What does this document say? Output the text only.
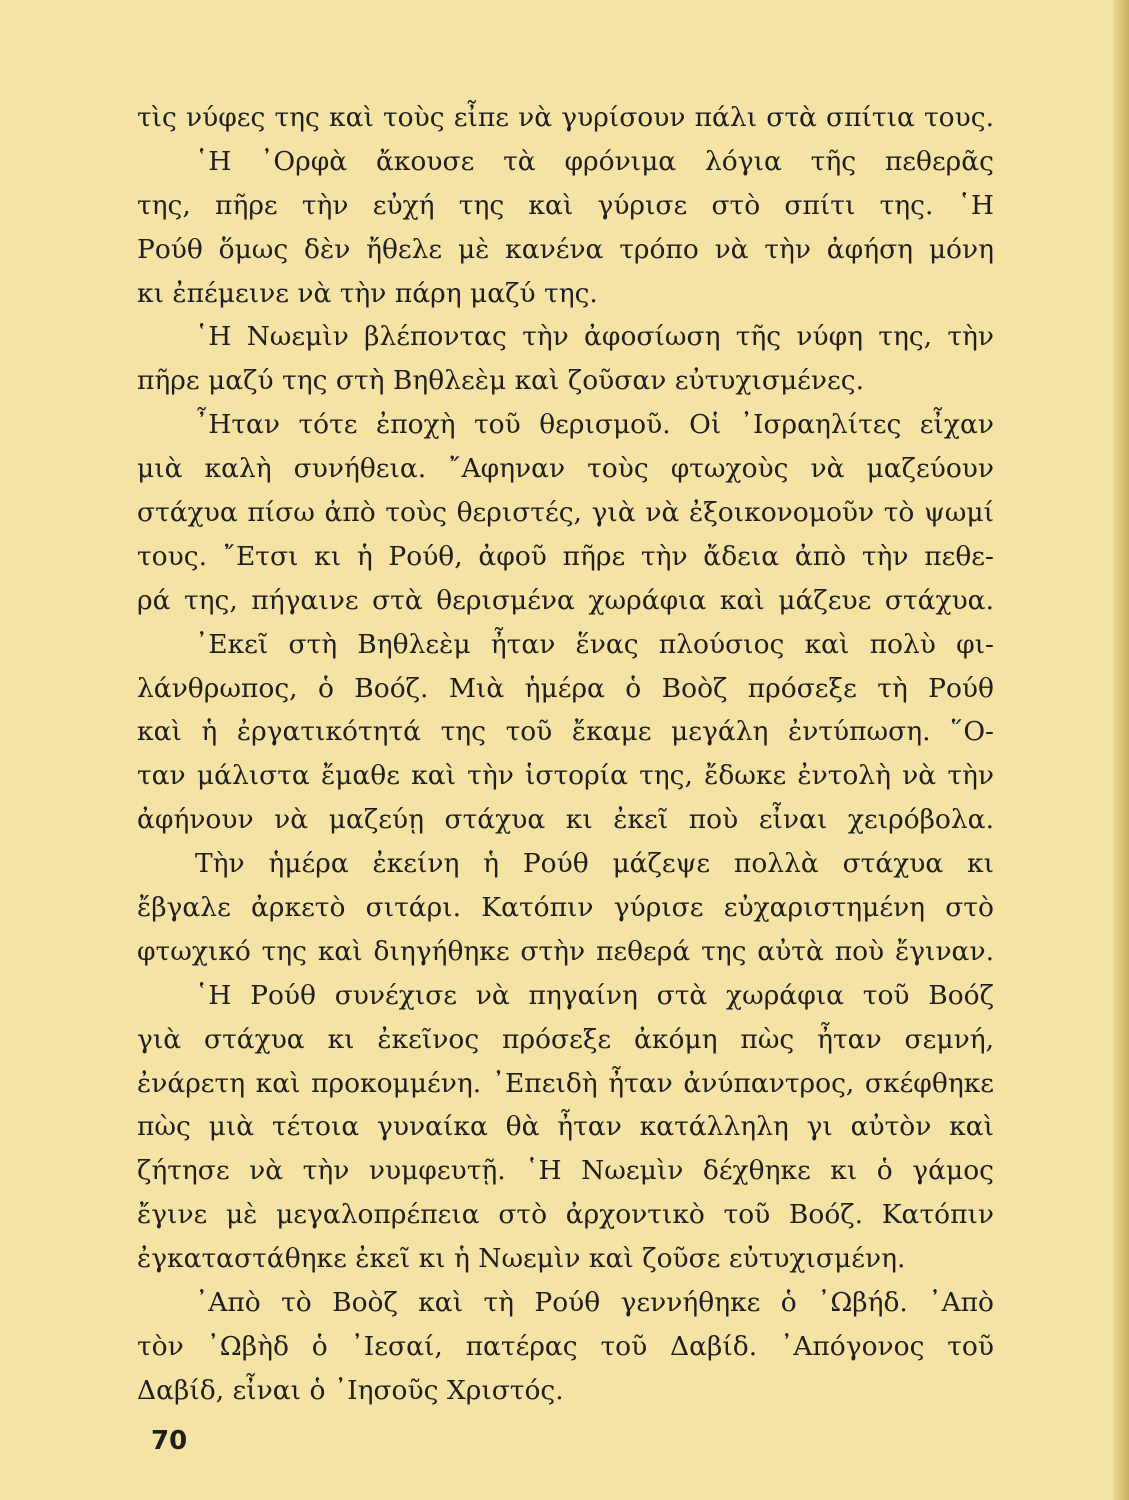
τὶς νύφες της καὶ τοὺς εἶπε νὰ γυρίσουν πάλι στὰ σπίτια τους.
῾Η ᾿Ορφὰ ἄκουσε τὰ φρόνιμα λόγια τῆς πεθερᾶς
της, πῆρε τὴν εὐχή της καὶ γύρισε στὸ σπίτι της. ῾Η
Ρούθ ὅμως δὲν ἤθελε μὲ κανένα τρόπο νὰ τὴν ἀφήση μόνη
κι ἐπέμεινε νὰ τὴν πάρη μαζύ της.
῾Η Νωεμὶν βλέποντας τὴν ἀφοσίωση τῆς νύφη της, τὴν
πῆρε μαζύ της στὴ Βηθλεὲμ καὶ ζοῦσαν εὐτυχισμένες.
῏Ηταν τότε ἐποχὴ τοῦ θερισμοῦ. Οἱ ᾿Ισραηλίτες εἶχαν
μιὰ καλὴ συνήθεια. ῎Αφηναν τοὺς φτωχοὺς νὰ μαζεύουν
στάχυα πίσω ἀπὸ τοὺς θεριστές, γιὰ νὰ ἐξοικονομοῦν τὸ ψωμί
τους. ῎Ετσι κι ἡ Ρούθ, ἀφοῦ πῆρε τὴν ἄδεια ἀπὸ τὴν πεθε-
ρά της, πήγαινε στὰ θερισμένα χωράφια καὶ μάζευε στάχυα.
᾿Εκεῖ στὴ Βηθλεὲμ ἦταν ἕνας πλούσιος καὶ πολὺ φι-
λάνθρωπος, ὁ Βοόζ. Μιὰ ἡμέρα ὁ Βοὸζ πρόσεξε τὴ Ρούθ
καὶ ἡ ἐργατικότητά της τοῦ ἔκαμε μεγάλη ἐντύπωση. ῞Ο-
ταν μάλιστα ἔμαθε καὶ τὴν ἱστορία της, ἔδωκε ἐντολὴ νὰ τὴν
ἀφήνουν νὰ μαζεύῃ στάχυα κι ἐκεῖ ποὺ εἶναι χειρόβολα.
Τὴν ἡμέρα ἐκείνη ἡ Ρούθ μάζεψε πολλὰ στάχυα κι
ἔβγαλε ἀρκετὸ σιτάρι. Κατόπιν γύρισε εὐχαριστημένη στὸ
φτωχικό της καὶ διηγήθηκε στὴν πεθερά της αὐτὰ ποὺ ἔγιναν.
῾Η Ρούθ συνέχισε νὰ πηγαίνη στὰ χωράφια τοῦ Βοόζ
γιὰ στάχυα κι ἐκεῖνος πρόσεξε ἀκόμη πὼς ἦταν σεμνή,
ἐνάρετη καὶ προκομμένη. ᾿Επειδὴ ἦταν ἀνύπαντρος, σκέφθηκε
πὼς μιὰ τέτοια γυναίκα θὰ ἦταν κατάλληλη γι αὐτὸν καὶ
ζήτησε νὰ τὴν νυμφευτῇ. ῾Η Νωεμὶν δέχθηκε κι ὁ γάμος
ἔγινε μὲ μεγαλοπρέπεια στὸ ἀρχοντικὸ τοῦ Βοόζ. Κατόπιν
ἐγκαταστάθηκε ἐκεῖ κι ἡ Νωεμὶν καὶ ζοῦσε εὐτυχισμένη.
᾿Απὸ τὸ Βοὸζ καὶ τὴ Ρούθ γεννήθηκε ὁ ᾿Ωβήδ. ᾿Απὸ
τὸν ᾿Ωβὴδ ὁ ᾿Ιεσαί, πατέρας τοῦ Δαβίδ. ᾿Απόγονος τοῦ
Δαβίδ, εἶναι ὁ ᾿Ιησοῦς Χριστός.
70
